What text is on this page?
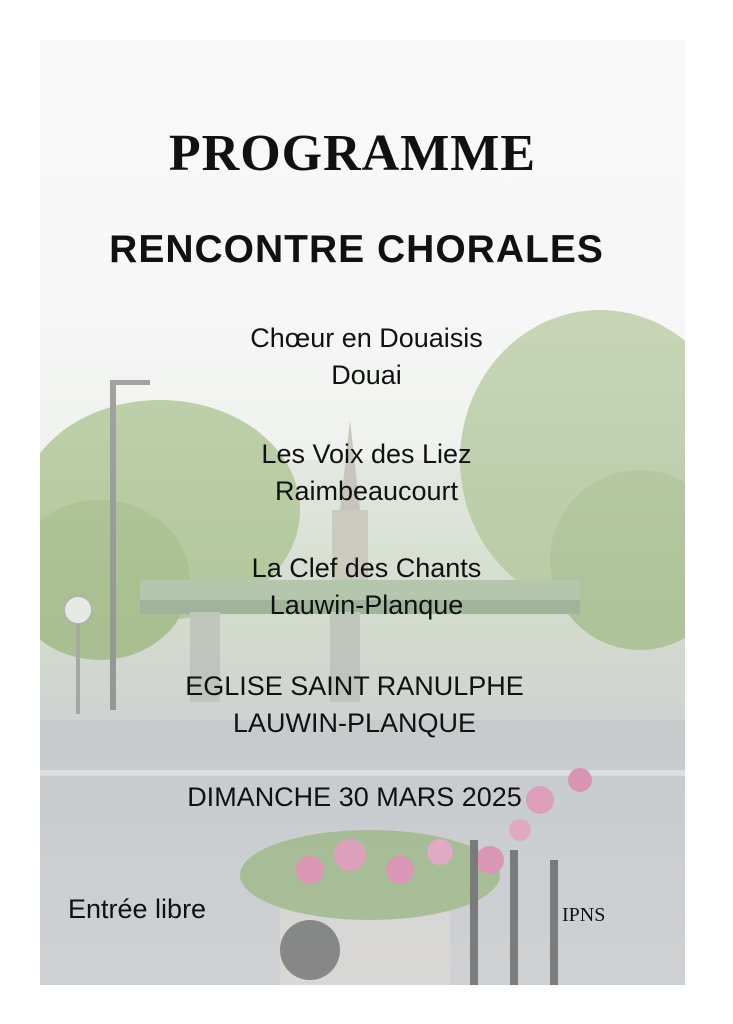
PROGRAMME
RENCONTRE CHORALES
Chœur en Douaisis
Douai
Les Voix des Liez
Raimbeaucourt
La Clef des Chants
Lauwin-Planque
EGLISE SAINT RANULPHE
LAUWIN-PLANQUE
DIMANCHE 30 MARS 2025

Entrée libre	IPNS
